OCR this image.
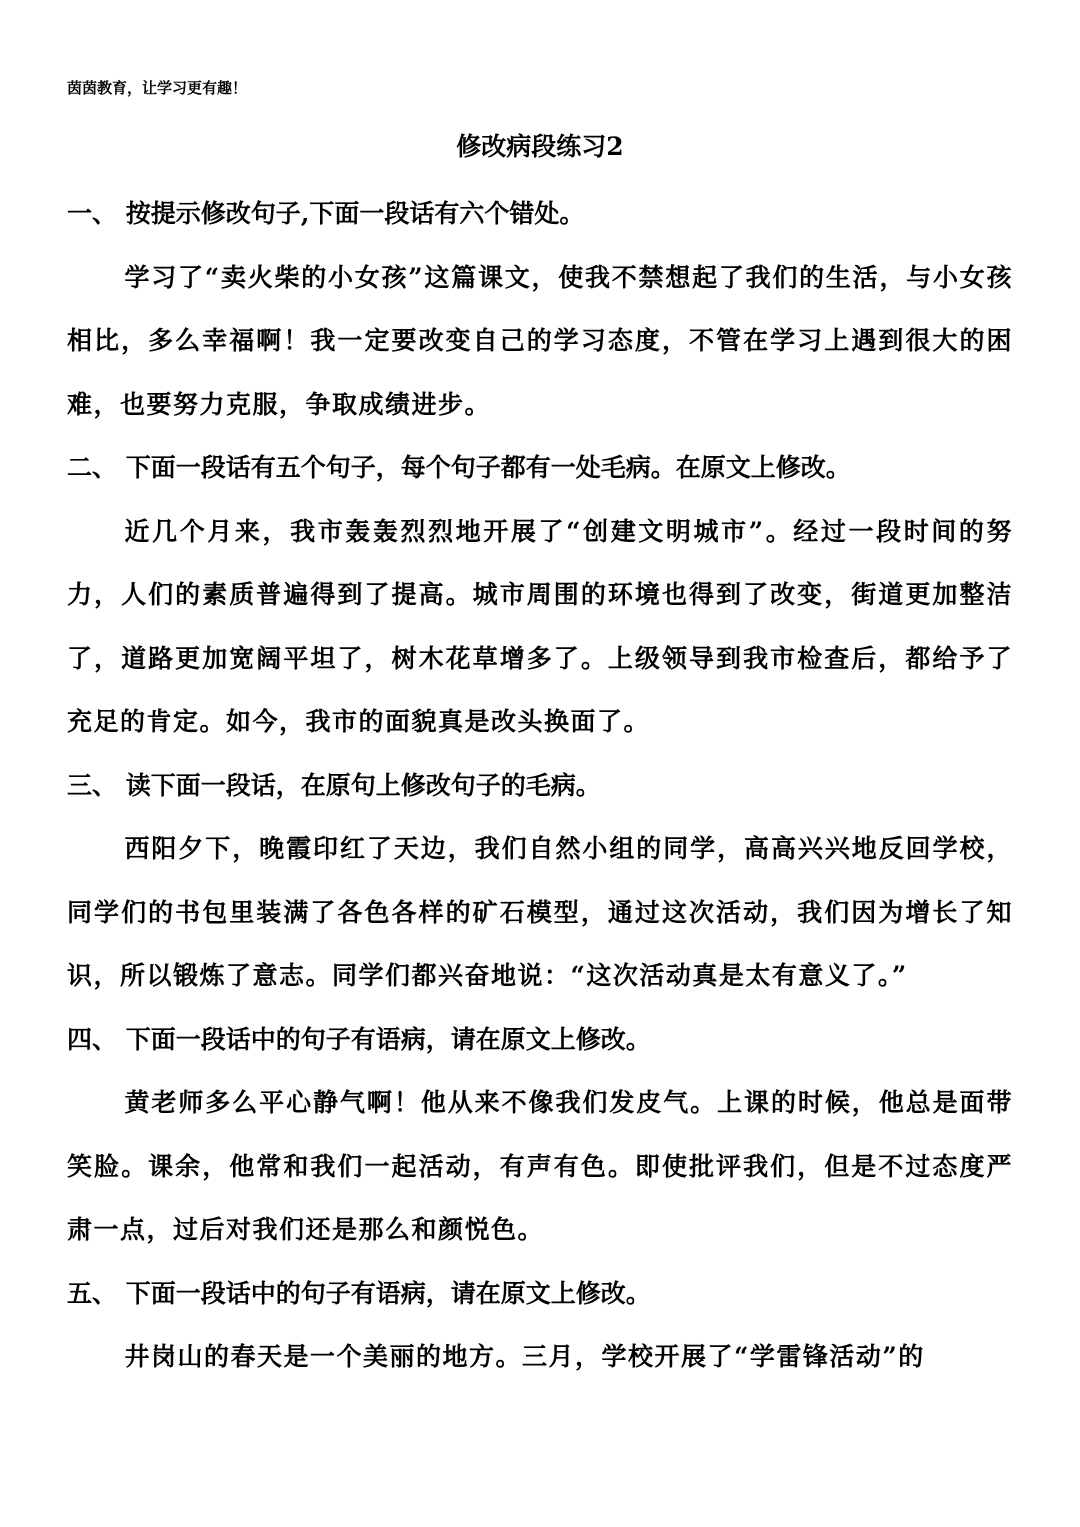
茵茵教育，让学习更有趣！
修改病段练习2

一、 按提示修改句子,下面一段话有六个错处。

学习了“卖火柴的小女孩”这篇课文，使我不禁想起了我们的生活，与小女孩相比，多么幸福啊！我一定要改变自己的学习态度，不管在学习上遇到很大的困难，也要努力克服，争取成绩进步。

二、 下面一段话有五个句子，每个句子都有一处毛病。在原文上修改。

近几个月来，我市轰轰烈烈地开展了“创建文明城市”。经过一段时间的努力，人们的素质普遍得到了提高。城市周围的环境也得到了改变，街道更加整洁了，道路更加宽阔平坦了，树木花草增多了。上级领导到我市检查后，都给予了充足的肯定。如今，我市的面貌真是改头换面了。

三、 读下面一段话，在原句上修改句子的毛病。

西阳夕下，晚霞印红了天边，我们自然小组的同学，高高兴兴地反回学校，同学们的书包里装满了各色各样的矿石模型，通过这次活动，我们因为增长了知识，所以锻炼了意志。同学们都兴奋地说：“这次活动真是太有意义了。”

四、 下面一段话中的句子有语病，请在原文上修改。

黄老师多么平心静气啊！他从来不像我们发皮气。上课的时候，他总是面带笑脸。课余，他常和我们一起活动，有声有色。即使批评我们，但是不过态度严肃一点，过后对我们还是那么和颜悦色。

五、 下面一段话中的句子有语病，请在原文上修改。

井岗山的春天是一个美丽的地方。三月，学校开展了“学雷锋活动”的
